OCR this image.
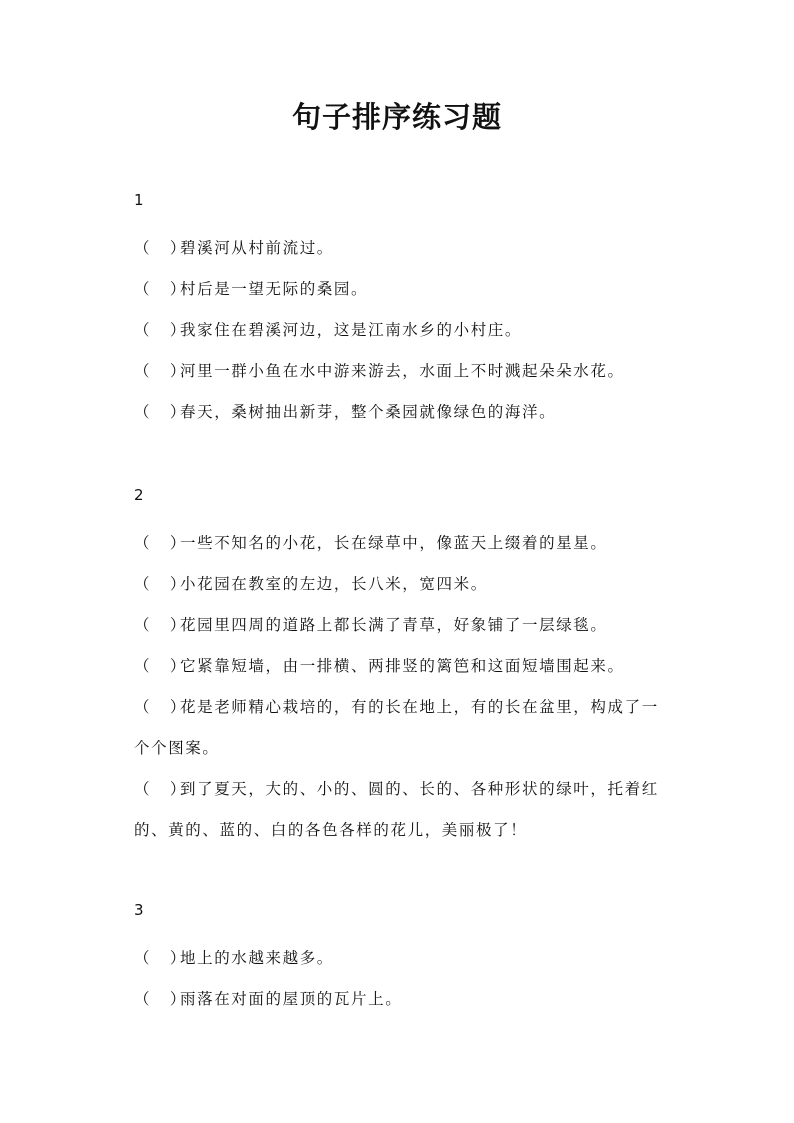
句子排序练习题
1

（　 ）碧溪河从村前流过。

（　 ）村后是一望无际的桑园。

（　 ）我家住在碧溪河边，这是江南水乡的小村庄。

（　 ）河里一群小鱼在水中游来游去，水面上不时溅起朵朵水花。

（　 ）春天，桑树抽出新芽，整个桑园就像绿色的海洋。

2

（　 ）一些不知名的小花，长在绿草中，像蓝天上缀着的星星。

（　 ）小花园在教室的左边，长八米，宽四米。

（　 ）花园里四周的道路上都长满了青草，好象铺了一层绿毯。

（　 ）它紧靠短墙，由一排横、两排竖的篱笆和这面短墙围起来。

（　 ）花是老师精心栽培的，有的长在地上，有的长在盆里，构成了一个个图案。

（　 ）到了夏天，大的、小的、圆的、长的、各种形状的绿叶，托着红的、黄的、蓝的、白的各色各样的花儿，美丽极了！

3

（　 ）地上的水越来越多。

（　 ）雨落在对面的屋顶的瓦片上。
